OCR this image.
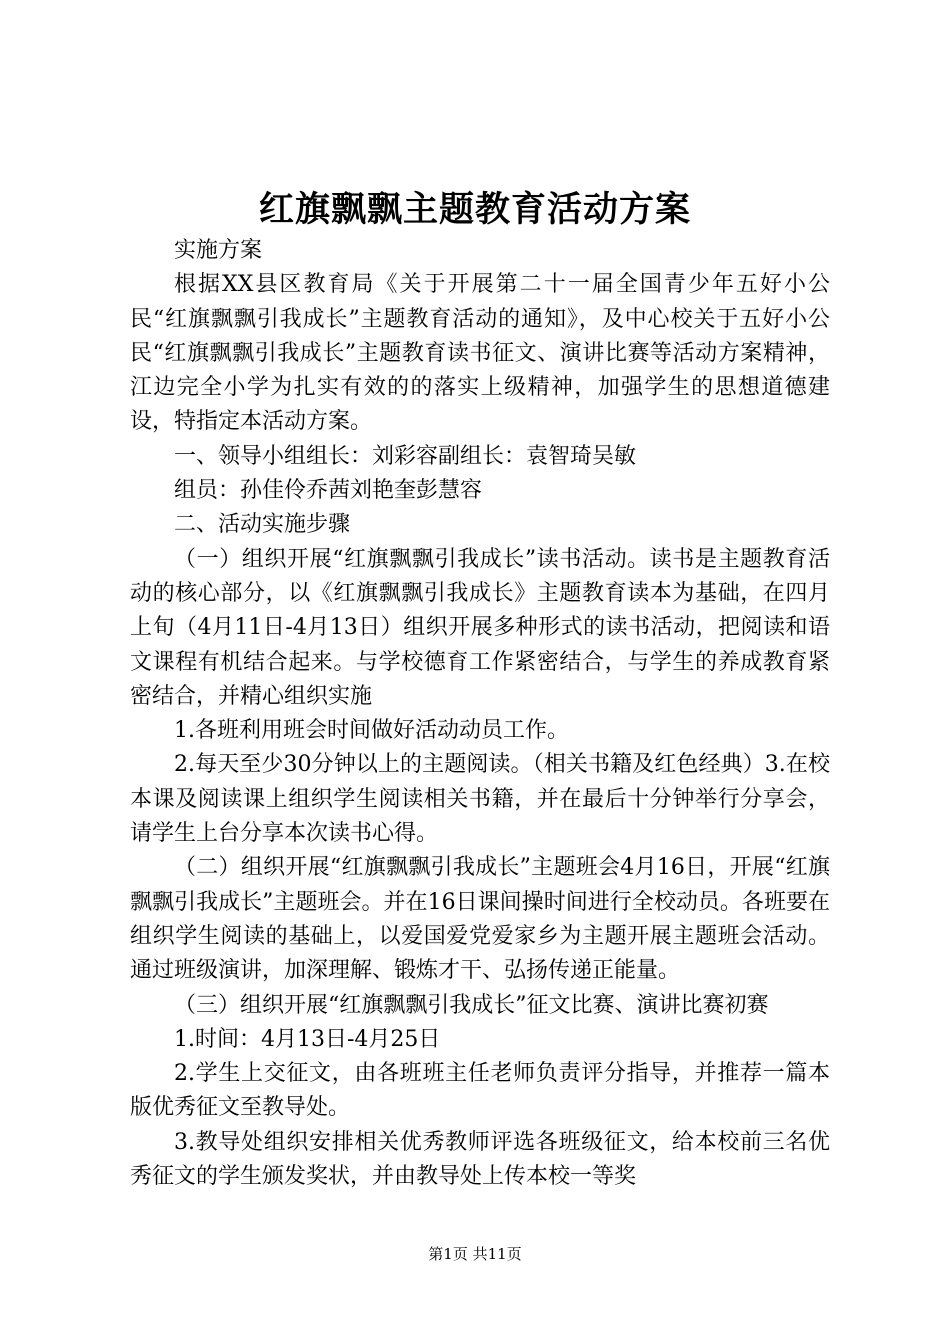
红旗飘飘主题教育活动方案

实施方案

根据XX县区教育局《关于开展第二十一届全国青少年五好小公民“红旗飘飘引我成长”主题教育活动的通知》，及中心校关于五好小公民“红旗飘飘引我成长”主题教育读书征文、演讲比赛等活动方案精神，江边完全小学为扎实有效的的落实上级精神，加强学生的思想道德建设，特指定本活动方案。

一、领导小组组长：刘彩容副组长：袁智琦吴敏

组员：孙佳伶乔茜刘艳奎彭慧容

二、活动实施步骤

（一）组织开展“红旗飘飘引我成长”读书活动。读书是主题教育活动的核心部分，以《红旗飘飘引我成长》主题教育读本为基础，在四月上旬（4月11日-4月13日）组织开展多种形式的读书活动，把阅读和语文课程有机结合起来。与学校德育工作紧密结合，与学生的养成教育紧密结合，并精心组织实施

1.各班利用班会时间做好活动动员工作。

2.每天至少30分钟以上的主题阅读。（相关书籍及红色经典）3.在校本课及阅读课上组织学生阅读相关书籍，并在最后十分钟举行分享会，请学生上台分享本次读书心得。

（二）组织开展“红旗飘飘引我成长”主题班会4月16日，开展“红旗飘飘引我成长”主题班会。并在16日课间操时间进行全校动员。各班要在组织学生阅读的基础上，以爱国爱党爱家乡为主题开展主题班会活动。通过班级演讲，加深理解、锻炼才干、弘扬传递正能量。

（三）组织开展“红旗飘飘引我成长”征文比赛、演讲比赛初赛

1.时间：4月13日-4月25日

2.学生上交征文，由各班班主任老师负责评分指导，并推荐一篇本版优秀征文至教导处。

3.教导处组织安排相关优秀教师评选各班级征文，给本校前三名优秀征文的学生颁发奖状，并由教导处上传本校一等奖

第1页 共11页
